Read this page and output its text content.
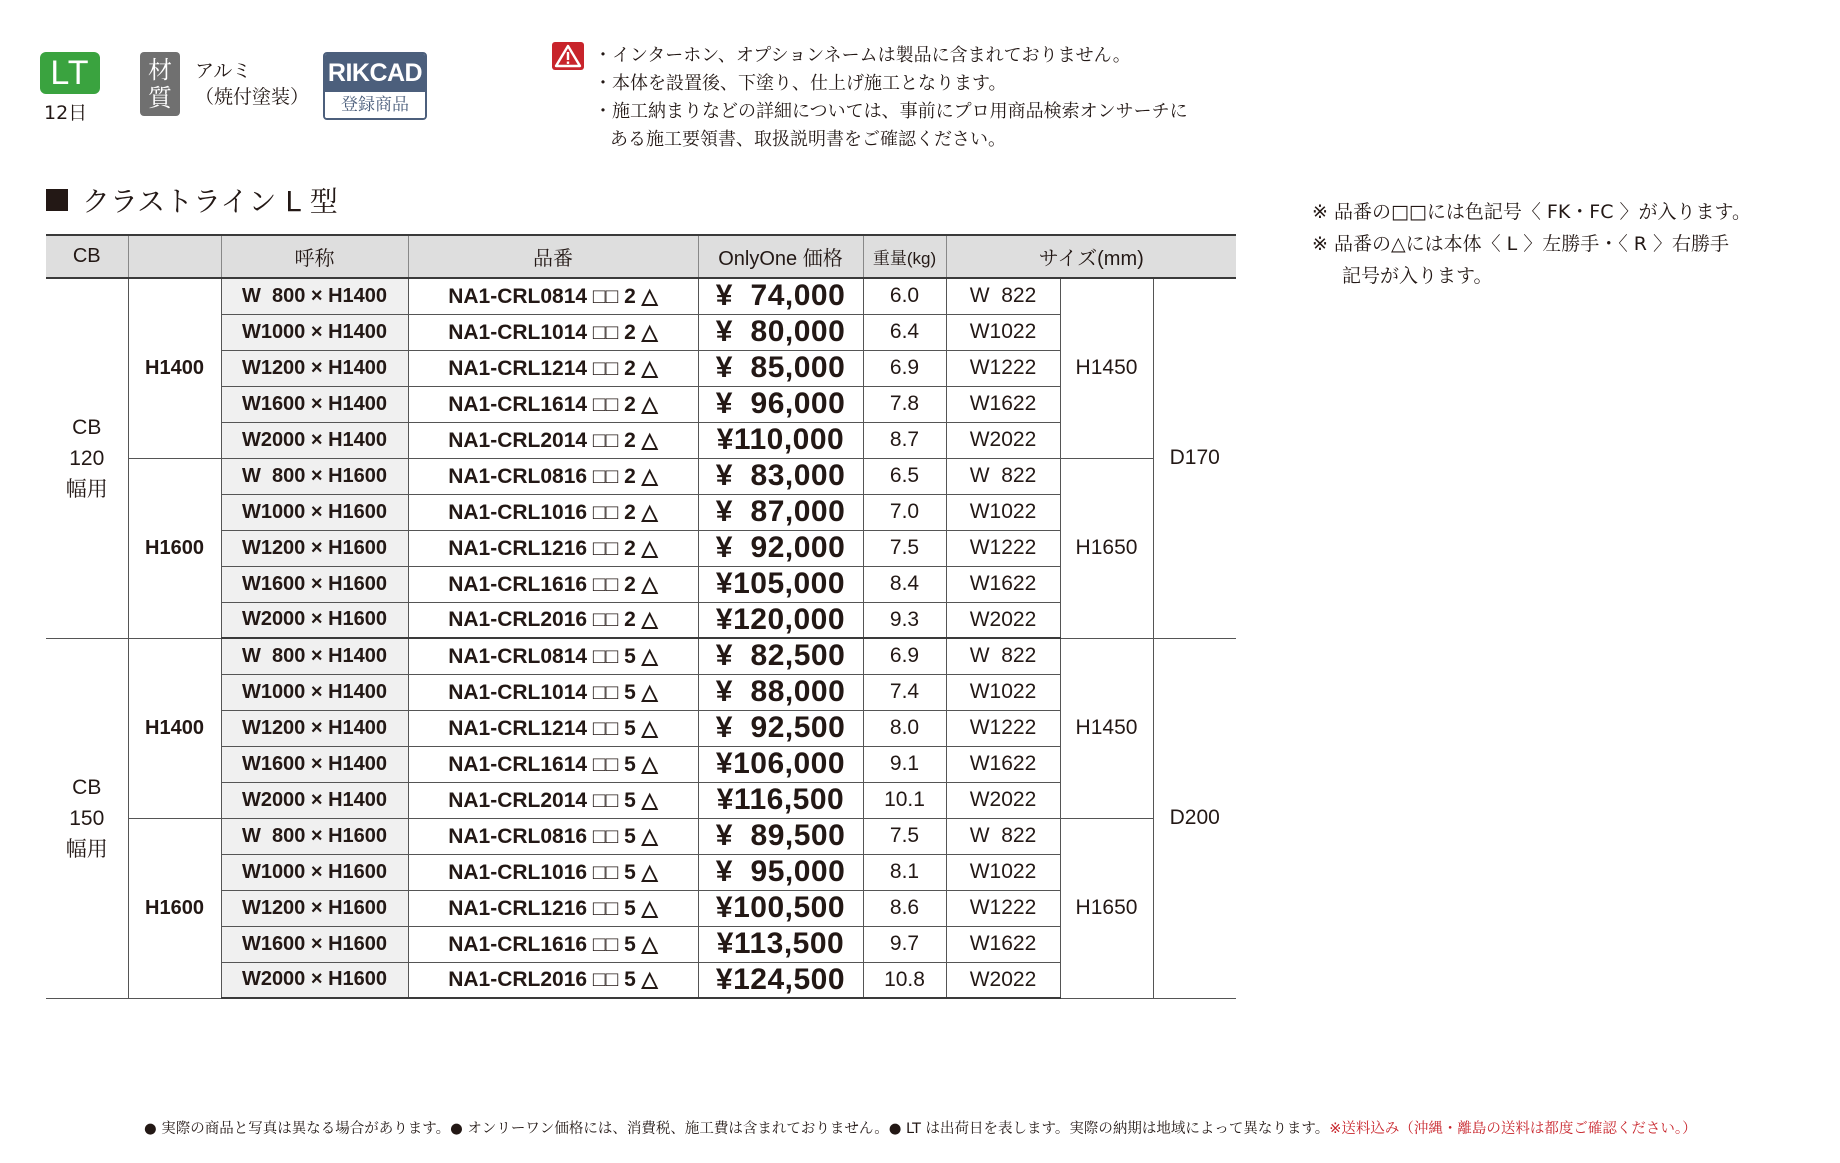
LT
12日
材質
アルミ
（焼付塗装）
RIKCAD
登録商品
・インターホン、オプションネームは製品に含まれておりません。
・本体を設置後、下塗り、仕上げ施工となります。
・施工納まりなどの詳細については、事前にプロ用商品検索オンサーチに
ある施工要領書、取扱説明書をご確認ください。
クラストライン L 型	※ 品番の□□には色記号〈 FK・FC 〉が入ります。
※ 品番の△には本体〈 L 〉左勝手・〈 R 〉右勝手
記号が入ります。
CB		呼称	品番	OnlyOne 価格	重量(kg)	サイズ(mm)		

CB
120
幅用	H1400	W  800 × H1400	NA1-CRL0814 □□ 2 △	¥  74,000	6.0	W  822	H1450	D170
		W1000 × H1400	NA1-CRL1014 □□ 2 △	¥  80,000	6.4	W1022		
		W1200 × H1400	NA1-CRL1214 □□ 2 △	¥  85,000	6.9	W1222		
		W1600 × H1400	NA1-CRL1614 □□ 2 △	¥  96,000	7.8	W1622		
		W2000 × H1400	NA1-CRL2014 □□ 2 △	¥110,000	8.7	W2022		
	H1600	W  800 × H1600	NA1-CRL0816 □□ 2 △	¥  83,000	6.5	W  822	H1650	
		W1000 × H1600	NA1-CRL1016 □□ 2 △	¥  87,000	7.0	W1022		
		W1200 × H1600	NA1-CRL1216 □□ 2 △	¥  92,000	7.5	W1222		
		W1600 × H1600	NA1-CRL1616 □□ 2 △	¥105,000	8.4	W1622		
		W2000 × H1600	NA1-CRL2016 □□ 2 △	¥120,000	9.3	W2022		

CB
150
幅用	H1400	W  800 × H1400	NA1-CRL0814 □□ 5 △	¥  82,500	6.9	W  822	H1450	D200
		W1000 × H1400	NA1-CRL1014 □□ 5 △	¥  88,000	7.4	W1022		
		W1200 × H1400	NA1-CRL1214 □□ 5 △	¥  92,500	8.0	W1222		
		W1600 × H1400	NA1-CRL1614 □□ 5 △	¥106,000	9.1	W1622		
		W2000 × H1400	NA1-CRL2014 □□ 5 △	¥116,500	10.1	W2022		
	H1600	W  800 × H1600	NA1-CRL0816 □□ 5 △	¥  89,500	7.5	W  822	H1650	
		W1000 × H1600	NA1-CRL1016 □□ 5 △	¥  95,000	8.1	W1022		
		W1200 × H1600	NA1-CRL1216 □□ 5 △	¥100,500	8.6	W1222		
		W1600 × H1600	NA1-CRL1616 □□ 5 △	¥113,500	9.7	W1622		
		W2000 × H1600	NA1-CRL2016 □□ 5 △	¥124,500	10.8	W2022		
● 実際の商品と写真は異なる場合があります。● オンリーワン価格には、消費税、施工費は含まれておりません。● LT は出荷日を表します。実際の納期は地域によって異なります。※送料込み（沖縄・離島の送料は都度ご確認ください。）
